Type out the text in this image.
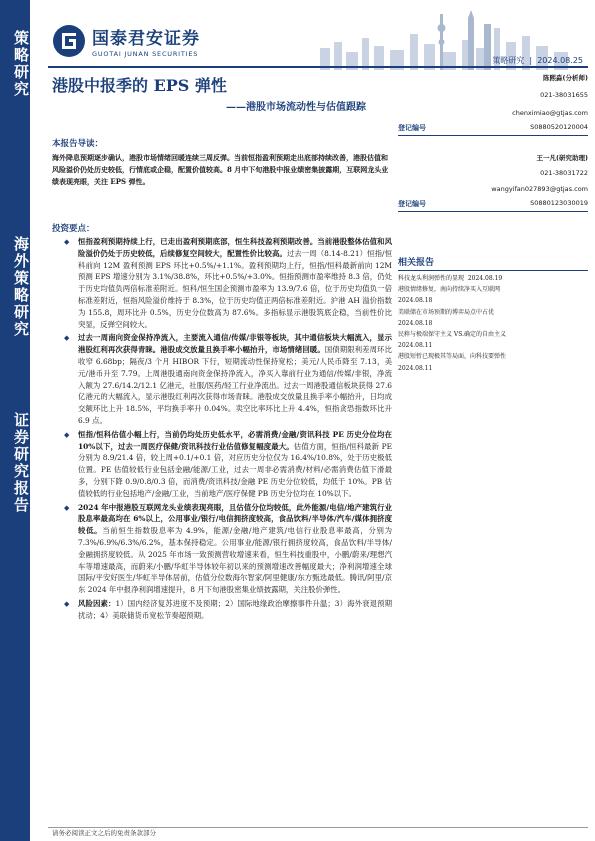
策略研究
海外策略研究
证券研究报告
国泰君安证券
GUOTAI JUNAN SECURITIES
策略研究  |  2024.08.25
港股中报季的 EPS 弹性
——港股市场流动性与估值跟踪
陈熙淼(分析师)
021-38031655
chenximiao@gtjas.com
登记编号	S0880520120004
王一凡(研究助理)
021-38031722
wangyifan027893@gtjas.com
登记编号	S0880123030019
相关报告
科技龙头利润弹性的显现 2024.08.19
港股情绪修复，南向持续净买入互联网
2024.08.18
美联储在市场预期的博弈局点中占优
2024.08.18
民粹与极端保守主义 VS.确定的自由主义
2024.08.11
港股短暂已现极其等局面，向科技要弹性
2024.08.11
本报告导读：
海外降息预期逐步确认，港股市场情绪回暖连续三周反弹。当前恒指盈利预期走出底部持续改善，港股估值和风险溢价仍处历史较低，行情底或企稳，配置价值较高。8 月中下旬港股中报业绩密集披露期，互联网龙头业绩表现亮眼，关注 EPS 弹性。
投资要点：
◆ 恒指盈利预期持续上行，已走出盈利预期底部，恒生科技盈利预期改善。当前港股整体估值和风险溢价仍处于历史较低，后续修复空间较大，配置性价比较高。过去一周（8.14-8.21）恒指/恒科前向 12M 盈利预测 EPS 环比+0.5%/+1.1%。盈利预期均上行，恒指/恒科最新前向 12M 预测 EPS 增速分别为 3.1%/38.8%，环比+0.5%/+3.0%。恒指预测市盈率维持 8.3 倍，仍处于历史均值负两倍标准差附近。恒科/恒生国企预测市盈率为 13.9/7.6 倍，位于历史均值负一倍标准差附近，恒指风险溢价维持于 8.3%，位于历史均值正两倍标准差附近。沪港 AH 溢价指数为 155.8，周环比升 0.5%，历史分位数高为 87.6%。多指标显示港股筑底企稳，当前性价比突显，反弹空间较大。
◆ 过去一周南向资金保持净流入，主要流入通信/传媒/非银等板块，其中通信板块大幅流入，显示港股红利再次获得青睐。港股成交放量且换手率小幅抬升，市场情绪回暖。国债期限利差周环比收窄 6.68bp；隔夜/3 个月 HIBOR 下行，短期流动性保持宽松；美元/人民币降至 7.13，美元/港币升至 7.79。上周港股通南向资金保持净流入，净买入靠前行业为通信/传媒/非银，净流入额为 27.6/14.2/12.1 亿港元，社服/医药/轻工行业净流出。过去一周港股通信板块获得 27.6 亿港元的大幅流入，显示港股红利再次获得市场青睐。港股成交放量且换手率小幅抬升，日均成交额环比上升 18.5%，平均换手率升 0.04%。卖空比率环比上升 4.4%，恒指贪恐指数环比升 6.9 点。
◆ 恒指/恒科估值小幅上行，当前仍均处历史低水平，必需消费/金融/资讯科技 PE 历史分位均在 10%以下，过去一周医疗保健/资讯科技行业估值修复幅度最大。估值方面，恒指/恒科最新 PE 分别为 8.9/21.4 倍，较上周+0.1/+0.1 倍，对应历史分位仅为 16.4%/10.8%，处于历史极低位置。PE 估值较低行业包括金融/能源/工业，过去一周非必需消费/材料/必需消费估值下滑最多，分别下降 0.9/0.8/0.3 倍，而消费/资讯科技/金融 PE 历史分位较低，均低于 10%。PB 估值较低的行业包括地产/金融/工业，当前地产/医疗保健 PB 历史分位均在 10%以下。
◆ 2024 年中报港股互联网龙头业绩表现亮眼，且估值分位均较低，此外能源/电信/地产建筑行业股息率最高均在 6%以上，公用事业/银行/电信拥挤度较高，食品饮料/半导体/汽车/媒体拥挤度较低。当前恒生指数股息率为 4.9%，能源/金融/地产建筑/电信行业股息率最高，分别为 7.3%/6.9%/6.3%/6.2%，基本保持稳定。公用事业/能源/银行拥挤度较高，食品饮料/半导体/金融拥挤度较低。从 2025 年市场一致预测营收增速来看，恒生科技重股中，小鹏/蔚来/理想汽车等增速最高，而蔚来/小鹏/华虹半导体较年初以来的预测增速改善幅度最大；净利润增速全球国际/平安好医生/华虹半导体居前，估值分位数海尔智家/阿里健康/东方甄选最低。腾讯/阿里/京东 2024 年中报净利润增速提升，8 月下旬港股密集业绩披露期，关注股价弹性。
◆ 风险因素：1）国内经济复苏进度不及预期；2）国际地缘政治摩擦事件升温；3）海外衰退预期扰动；4）美联储货币宽松节奏超预期。
请务必阅读正文之后的免责条款部分
